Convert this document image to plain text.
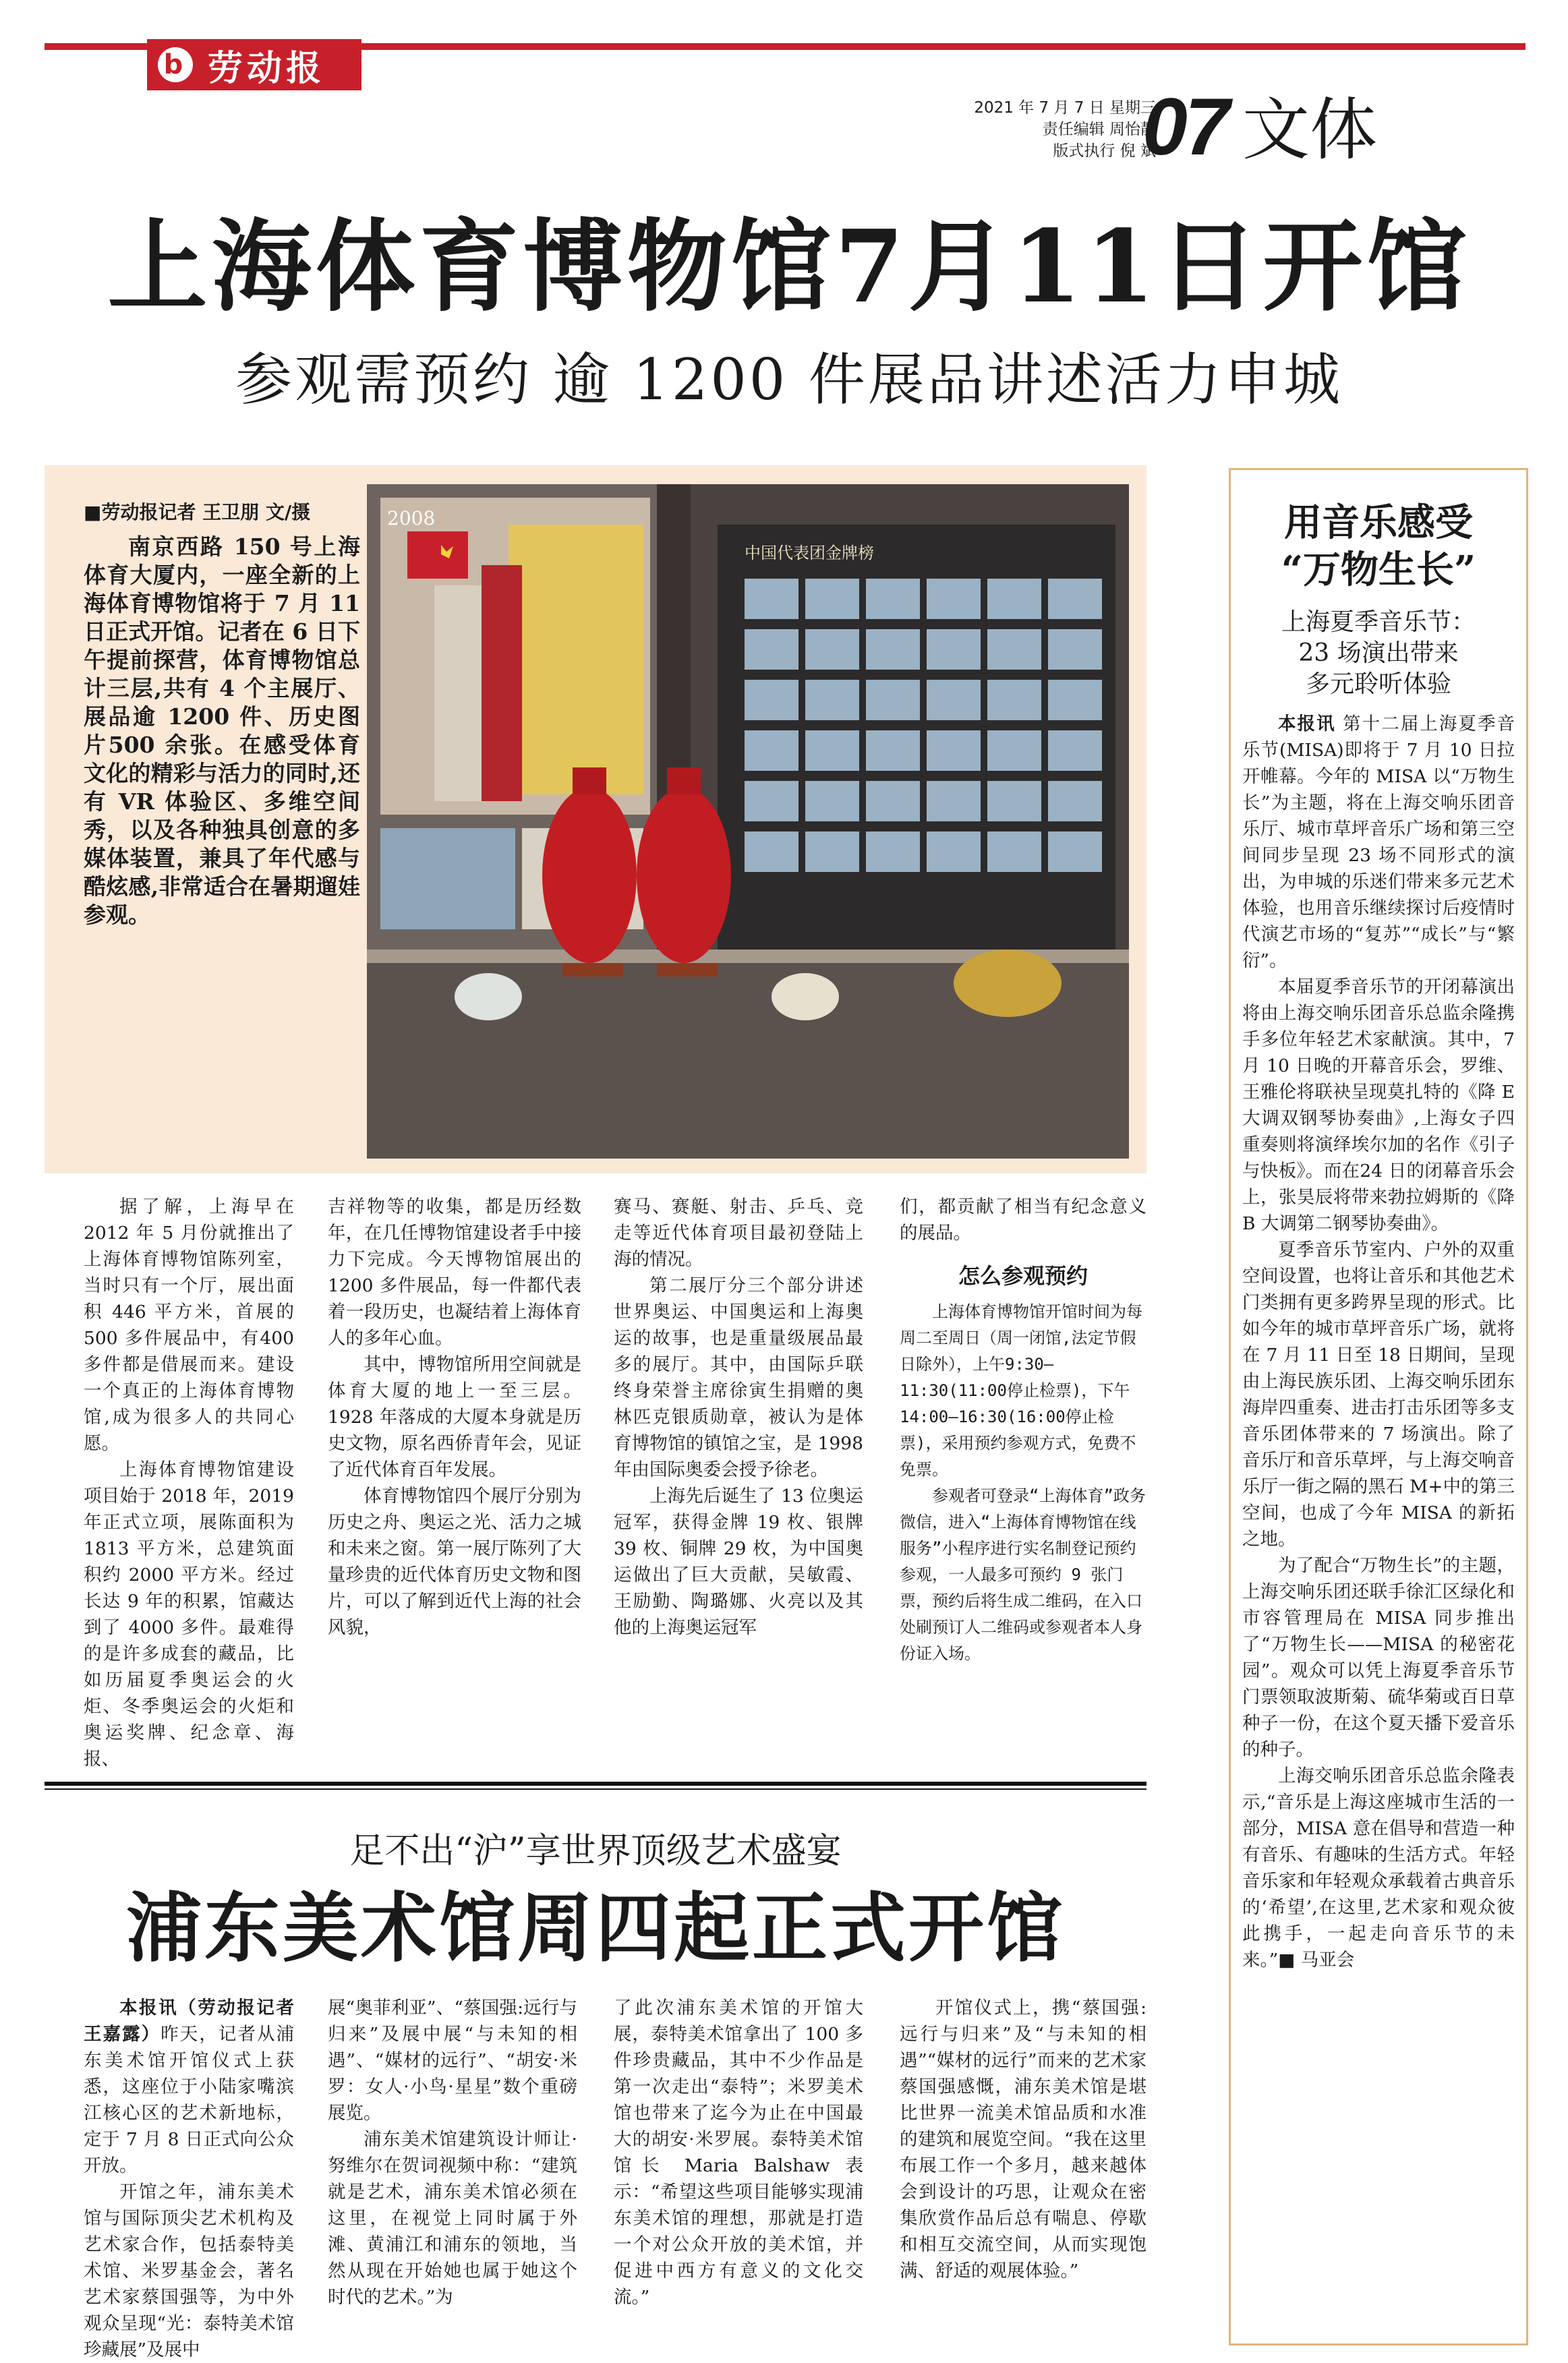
b 劳动报
2021 年 7 月 7 日 星期三
责任编辑 周怡静
版式执行 倪 斌
07 文体
上海体育博物馆7月11日开馆
参观需预约 逾 1200 件展品讲述活力申城
■劳动报记者 王卫朋 文/摄
南京西路 150 号上海体育大厦内，一座全新的上海体育博物馆将于 7 月 11 日正式开馆。记者在 6 日下午提前探营，体育博物馆总计三层,共有 4 个主展厅、展品逾 1200 件、历史图片500 余张。在感受体育文化的精彩与活力的同时,还有 VR 体验区、多维空间秀，以及各种独具创意的多媒体装置，兼具了年代感与酷炫感,非常适合在暑期遛娃参观。
2008
中国代表团金牌榜

据了解，上海早在 2012 年 5 月份就推出了上海体育博物馆陈列室，当时只有一个厅，展出面积 446 平方米，首展的 500 多件展品中，有400 多件都是借展而来。建设一个真正的上海体育博物馆,成为很多人的共同心愿。

上海体育博物馆建设项目始于 2018 年，2019 年正式立项，展陈面积为 1813 平方米，总建筑面积约 2000 平方米。经过长达 9 年的积累，馆藏达到了 4000 多件。最难得的是许多成套的藏品，比如历届夏季奥运会的火炬、冬季奥运会的火炬和奥运奖牌、纪念章、海报、

吉祥物等的收集，都是历经数年，在几任博物馆建设者手中接力下完成。今天博物馆展出的 1200 多件展品，每一件都代表着一段历史，也凝结着上海体育人的多年心血。

其中，博物馆所用空间就是体育大厦的地上一至三层。1928 年落成的大厦本身就是历史文物，原名西侨青年会，见证了近代体育百年发展。

体育博物馆四个展厅分别为历史之舟、奥运之光、活力之城和未来之窗。第一展厅陈列了大量珍贵的近代体育历史文物和图片，可以了解到近代上海的社会风貌，

赛马、赛艇、射击、乒乓、竞走等近代体育项目最初登陆上海的情况。

第二展厅分三个部分讲述世界奥运、中国奥运和上海奥运的故事，也是重量级展品最多的展厅。其中，由国际乒联终身荣誉主席徐寅生捐赠的奥林匹克银质勋章，被认为是体育博物馆的镇馆之宝，是 1998 年由国际奥委会授予徐老。

上海先后诞生了 13 位奥运冠军，获得金牌 19 枚、银牌 39 枚、铜牌 29 枚，为中国奥运做出了巨大贡献，吴敏霞、王励勤、陶璐娜、火亮以及其他的上海奥运冠军

们，都贡献了相当有纪念意义的展品。

怎么参观预约

上海体育博物馆开馆时间为每周二至周日（周一闭馆,法定节假日除外），上午9:30—11:30(11:00停止检票)，下午14:00—16:30(16:00停止检票)，采用预约参观方式，免费不免票。

参观者可登录“上海体育”政务微信，进入“上海体育博物馆在线服务”小程序进行实名制登记预约参观，一人最多可预约 9 张门票，预约后将生成二维码，在入口处刷预订人二维码或参观者本人身份证入场。

足不出“沪”享世界顶级艺术盛宴
浦东美术馆周四起正式开馆

本报讯（劳动报记者 王嘉露）昨天，记者从浦东美术馆开馆仪式上获悉，这座位于小陆家嘴滨江核心区的艺术新地标，定于 7 月 8 日正式向公众开放。

开馆之年，浦东美术馆与国际顶尖艺术机构及艺术家合作，包括泰特美术馆、米罗基金会，著名艺术家蔡国强等，为中外观众呈现“光：泰特美术馆珍藏展”及展中

展“奥菲利亚”、“蔡国强:远行与归来”及展中展“与未知的相遇”、“媒材的远行”、“胡安·米罗：女人·小鸟·星星”数个重磅展览。

浦东美术馆建筑设计师让·努维尔在贺词视频中称：“建筑就是艺术，浦东美术馆必须在这里，在视觉上同时属于外滩、黄浦江和浦东的领地，当然从现在开始她也属于她这个时代的艺术。”为

了此次浦东美术馆的开馆大展，泰特美术馆拿出了 100 多件珍贵藏品，其中不少作品是第一次走出“泰特”；米罗美术馆也带来了迄今为止在中国最大的胡安·米罗展。泰特美术馆馆长 Maria Balshaw 表示：“希望这些项目能够实现浦东美术馆的理想，那就是打造一个对公众开放的美术馆，并促进中西方有意义的文化交流。”

开馆仪式上，携“蔡国强:远行与归来”及“与未知的相遇”“媒材的远行”而来的艺术家蔡国强感慨，浦东美术馆是堪比世界一流美术馆品质和水准的建筑和展览空间。“我在这里布展工作一个多月，越来越体会到设计的巧思，让观众在密集欣赏作品后总有喘息、停歇和相互交流空间，从而实现饱满、舒适的观展体验。”

用音乐感受
“万物生长”
上海夏季音乐节：
23 场演出带来
多元聆听体验

本报讯 第十二届上海夏季音乐节(MISA)即将于 7 月 10 日拉开帷幕。今年的 MISA 以“万物生长”为主题，将在上海交响乐团音乐厅、城市草坪音乐广场和第三空间同步呈现 23 场不同形式的演出，为申城的乐迷们带来多元艺术体验，也用音乐继续探讨后疫情时代演艺市场的“复苏”“成长”与“繁衍”。

本届夏季音乐节的开闭幕演出将由上海交响乐团音乐总监余隆携手多位年轻艺术家献演。其中，7 月 10 日晚的开幕音乐会，罗维、王雅伦将联袂呈现莫扎特的《降 E 大调双钢琴协奏曲》,上海女子四重奏则将演绎埃尔加的名作《引子与快板》。而在24 日的闭幕音乐会上，张昊辰将带来勃拉姆斯的《降 B 大调第二钢琴协奏曲》。

夏季音乐节室内、户外的双重空间设置，也将让音乐和其他艺术门类拥有更多跨界呈现的形式。比如今年的城市草坪音乐广场，就将在 7 月 11 日至 18 日期间，呈现由上海民族乐团、上海交响乐团东海岸四重奏、进击打击乐团等多支音乐团体带来的 7 场演出。除了音乐厅和音乐草坪，与上海交响音乐厅一街之隔的黑石 M+中的第三空间，也成了今年 MISA 的新拓之地。

为了配合“万物生长”的主题，上海交响乐团还联手徐汇区绿化和市容管理局在 MISA 同步推出了“万物生长——MISA 的秘密花园”。观众可以凭上海夏季音乐节门票领取波斯菊、硫华菊或百日草种子一份，在这个夏天播下爱音乐的种子。

上海交响乐团音乐总监余隆表示,“音乐是上海这座城市生活的一部分，MISA 意在倡导和营造一种有音乐、有趣味的生活方式。年轻音乐家和年轻观众承载着古典音乐的‘希望’,在这里,艺术家和观众彼此携手，一起走向音乐节的未来。”■ 马亚会
